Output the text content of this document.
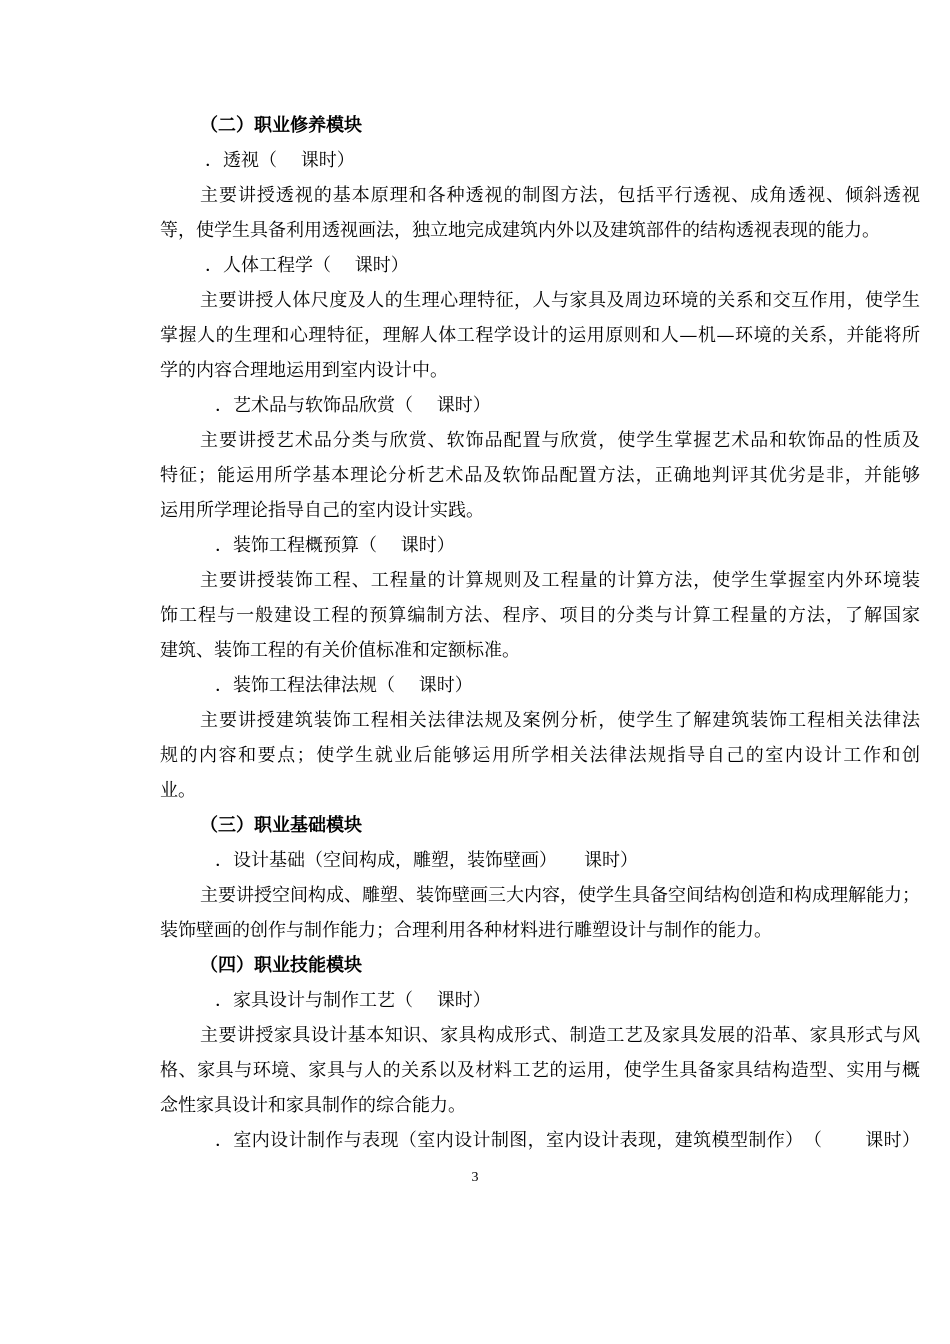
（二）职业修养模块
．透视（　 课时）
主要讲授透视的基本原理和各种透视的制图方法，包括平行透视、成角透视、倾斜透视
等，使学生具备利用透视画法，独立地完成建筑内外以及建筑部件的结构透视表现的能力。
．人体工程学（　 课时）
主要讲授人体尺度及人的生理心理特征，人与家具及周边环境的关系和交互作用，使学生
掌握人的生理和心理特征，理解人体工程学设计的运用原则和人—机—环境的关系，并能将所
学的内容合理地运用到室内设计中。
．艺术品与软饰品欣赏（　 课时）
主要讲授艺术品分类与欣赏、软饰品配置与欣赏，使学生掌握艺术品和软饰品的性质及
特征；能运用所学基本理论分析艺术品及软饰品配置方法，正确地判评其优劣是非，并能够
运用所学理论指导自己的室内设计实践。
．装饰工程概预算（　 课时）
主要讲授装饰工程、工程量的计算规则及工程量的计算方法，使学生掌握室内外环境装
饰工程与一般建设工程的预算编制方法、程序、项目的分类与计算工程量的方法，了解国家
建筑、装饰工程的有关价值标准和定额标准。
．装饰工程法律法规（　 课时）
主要讲授建筑装饰工程相关法律法规及案例分析，使学生了解建筑装饰工程相关法律法
规的内容和要点；使学生就业后能够运用所学相关法律法规指导自己的室内设计工作和创
业。
（三）职业基础模块
．设计基础（空间构成，雕塑，装饰壁画）　　课时）
主要讲授空间构成、雕塑、装饰壁画三大内容，使学生具备空间结构创造和构成理解能力；
装饰壁画的创作与制作能力；合理利用各种材料进行雕塑设计与制作的能力。
（四）职业技能模块
．家具设计与制作工艺（　 课时）
主要讲授家具设计基本知识、家具构成形式、制造工艺及家具发展的沿革、家具形式与风
格、家具与环境、家具与人的关系以及材料工艺的运用，使学生具备家具结构造型、实用与概
念性家具设计和家具制作的综合能力。
．室内设计制作与表现（室内设计制图，室内设计表现，建筑模型制作）　（　　 课时）
3
